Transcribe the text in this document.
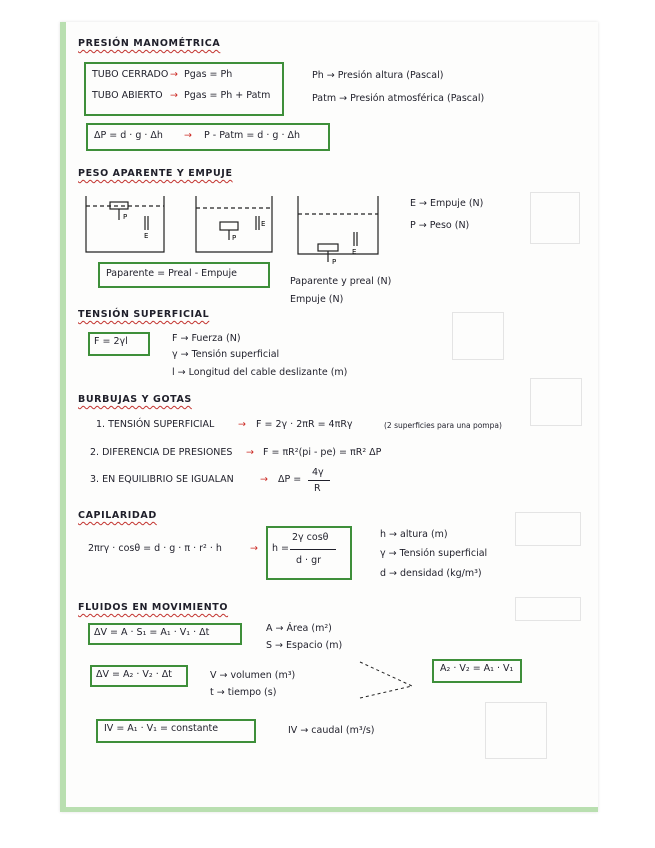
PRESIÓN MANOMÉTRICA
TUBO CERRADO → Pgas = Ph
TUBO ABIERTO → Pgas = Ph + Patm
Ph → Presión altura (Pascal)
Patm → Presión atmosférica (Pascal)
ΔP = d · g · Δh → P - Patm = d · g · Δh
PESO APARENTE Y EMPUJE
P
E	P
E
P
E
E → Empuje (N)
P → Peso (N)
Paparente = Preal - Empuje
Paparente y preal (N)
Empuje (N)
TENSIÓN SUPERFICIAL
F = 2γl	F → Fuerza (N)
γ → Tensión superficial
l → Longitud del cable deslizante (m)
BURBUJAS Y GOTAS
1. TENSIÓN SUPERFICIAL	→ F = 2γ · 2πR = 4πRγ	(2 superficies para una pompa)
2. DIFERENCIA DE PRESIONES → F = πR²(pi - pe) = πR² ΔP
3. EN EQUILIBRIO SE IGUALAN	→ ΔP =
4γ
R
CAPILARIDAD
2πrγ · cosθ = d · g · π · r² · h	→ h =
2γ cosθ
d · gr
h → altura (m)
γ → Tensión superficial
d → densidad (kg/m³)
FLUIDOS EN MOVIMIENTO
ΔV = A · S₁ = A₁ · V₁ · Δt	A → Área (m²)
S → Espacio (m)
ΔV = A₂ · V₂ · Δt	V → volumen (m³)
t → tiempo (s)
A₂ · V₂ = A₁ · V₁
IV = A₁ · V₁ = constante	IV → caudal (m³/s)
